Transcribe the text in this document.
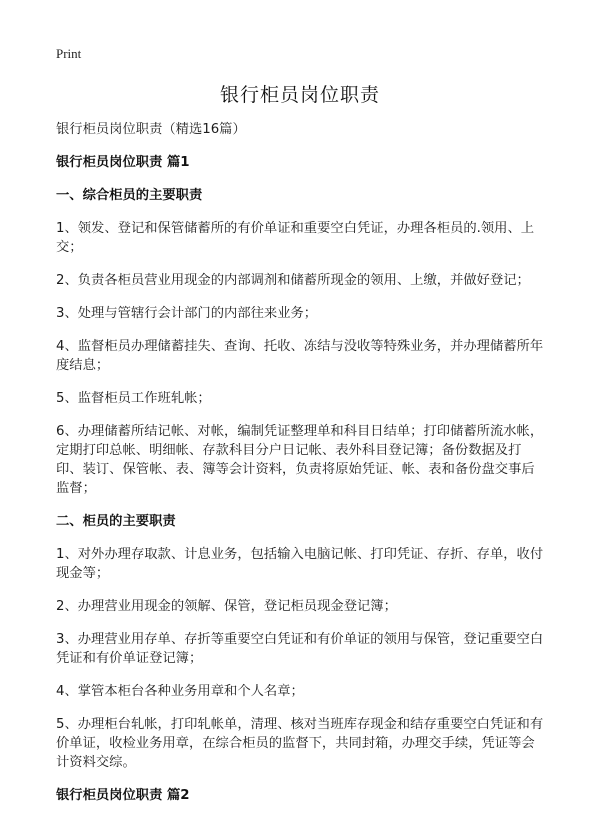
Print
银行柜员岗位职责
银行柜员岗位职责（精选16篇）
银行柜员岗位职责 篇1
一、综合柜员的主要职责
1、领发、登记和保管储蓄所的有价单证和重要空白凭证，办理各柜员的.领用、上交；
2、负责各柜员营业用现金的内部调剂和储蓄所现金的领用、上缴，并做好登记；
3、处理与管辖行会计部门的内部往来业务；
4、监督柜员办理储蓄挂失、查询、托收、冻结与没收等特殊业务，并办理储蓄所年度结息；
5、监督柜员工作班轧帐；
6、办理储蓄所结记帐、对帐，编制凭证整理单和科目日结单；打印储蓄所流水帐，定期打印总帐、明细帐、存款科目分户日记帐、表外科目登记簿；备份数据及打印、装订、保管帐、表、簿等会计资料，负责将原始凭证、帐、表和备份盘交事后监督；
二、柜员的主要职责
1、对外办理存取款、计息业务，包括输入电脑记帐、打印凭证、存折、存单，收付现金等；
2、办理营业用现金的领解、保管，登记柜员现金登记簿；
3、办理营业用存单、存折等重要空白凭证和有价单证的领用与保管，登记重要空白凭证和有价单证登记簿；
4、掌管本柜台各种业务用章和个人名章；
5、办理柜台轧帐，打印轧帐单，清理、核对当班库存现金和结存重要空白凭证和有价单证，收检业务用章，在综合柜员的监督下，共同封箱，办理交手续，凭证等会计资料交综。
银行柜员岗位职责 篇2
